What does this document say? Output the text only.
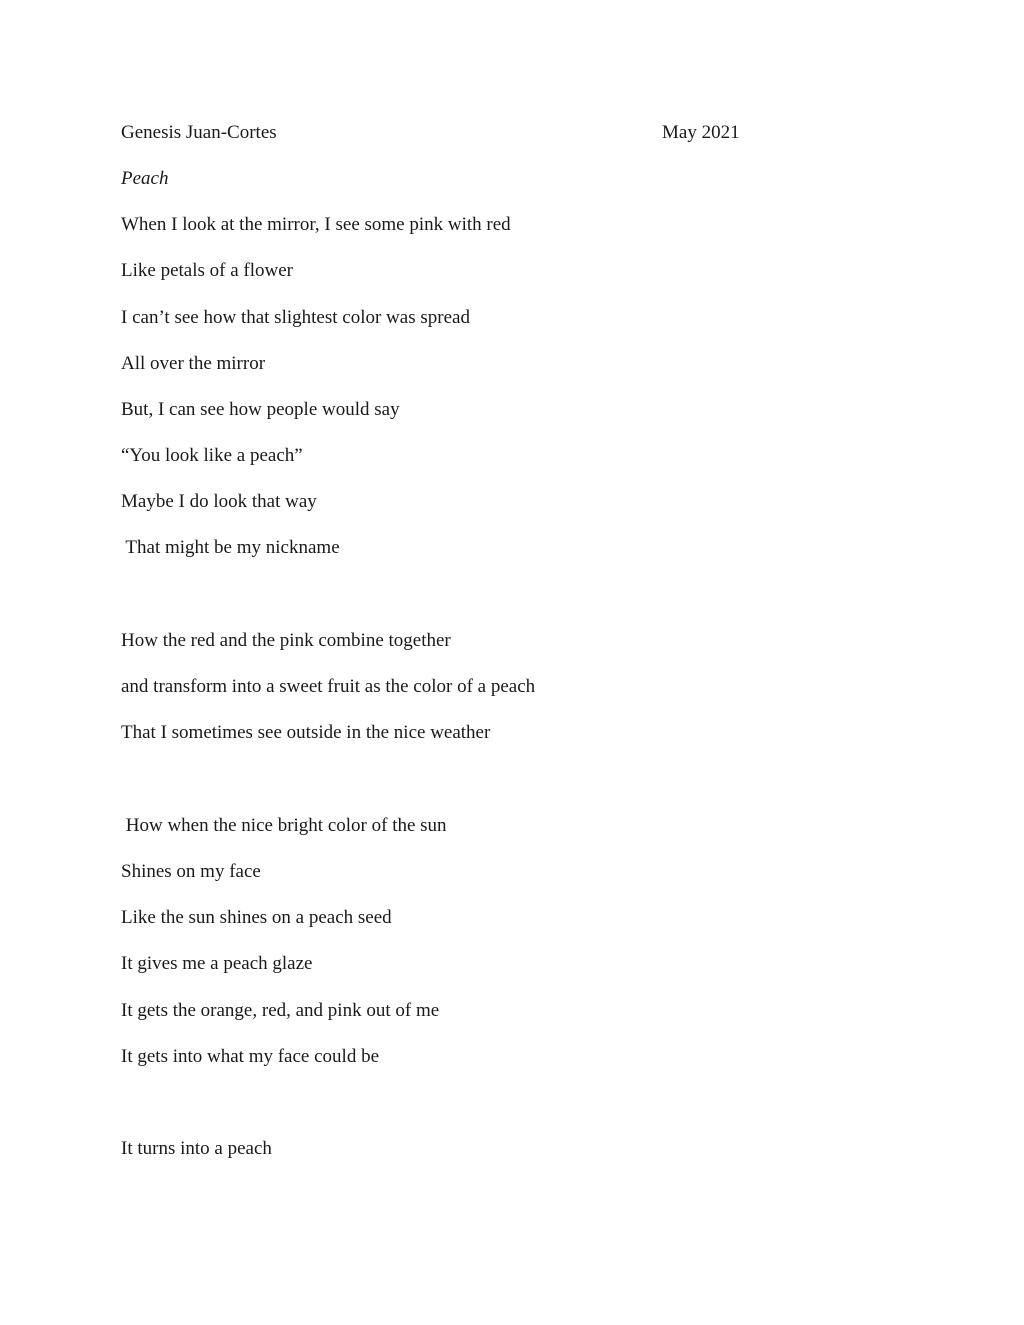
Genesis Juan-Cortes	May 2021
Peach
When I look at the mirror, I see some pink with red
Like petals of a flower
I can’t see how that slightest color was spread
All over the mirror
But, I can see how people would say
“You look like a peach”
Maybe I do look that way
That might be my nickname
How the red and the pink combine together
and transform into a sweet fruit as the color of a peach
That I sometimes see outside in the nice weather
How when the nice bright color of the sun
Shines on my face
Like the sun shines on a peach seed
It gives me a peach glaze
It gets the orange, red, and pink out of me
It gets into what my face could be
It turns into a peach
